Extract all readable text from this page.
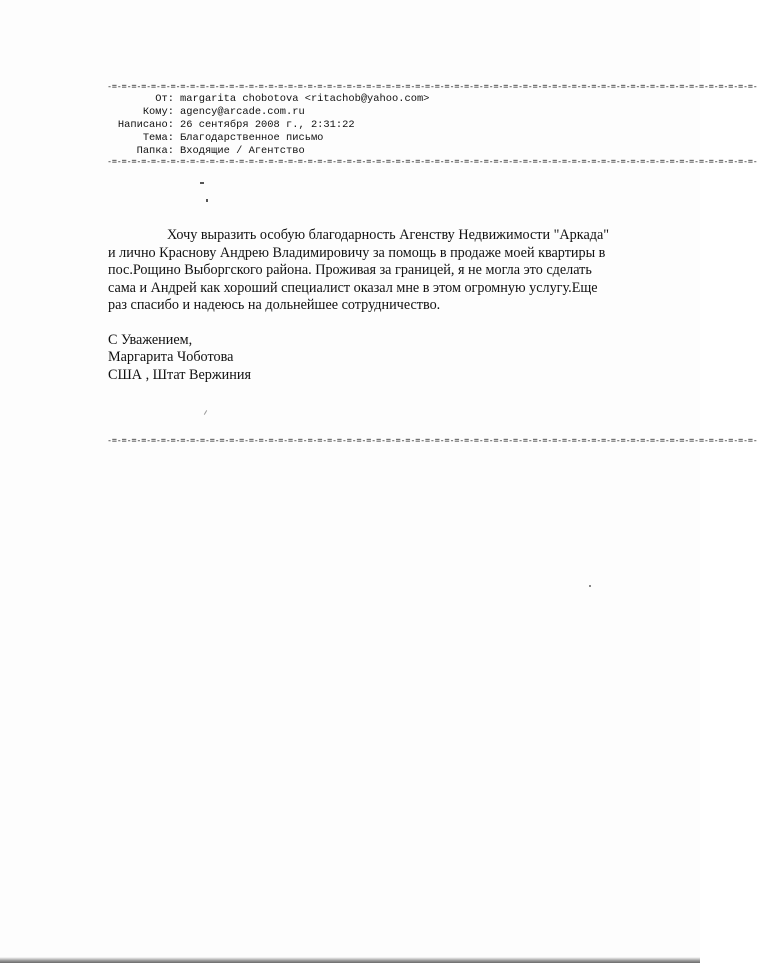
-=-=-=-=-=-=-=-=-=-=-=-=-=-=-=-=-=-=-=-=-=-=-=-=-=-=-=-=-=-=-=-=-=-=-=-=-=-=-=-=-=-=-=-=-=-=-=-=-=-=-=-=-=-=-=-=-=-=-=-=-=-=-=-=-=-=-
От: margarita chobotova <ritachob@yahoo.com>
Кому: agency@arcade.com.ru
Написано: 26 сентября 2008 г., 2:31:22
Тема: Благодарственное письмо
Папка: Входящие / Агентство
-=-=-=-=-=-=-=-=-=-=-=-=-=-=-=-=-=-=-=-=-=-=-=-=-=-=-=-=-=-=-=-=-=-=-=-=-=-=-=-=-=-=-=-=-=-=-=-=-=-=-=-=-=-=-=-=-=-=-=-=-=-=-=-=-=-=-

Хочу выразить особую благодарность Агенству Недвижимости "Аркада"
и лично Краснову Андрею Владимировичу за помощь в продаже моей квартиры в
пос.Рощино Выборгского района. Проживая за границей, я не могла это сделать
сама и Андрей как хороший специалист оказал мне в этом огромную услугу.Еще
раз спасибо и надеюсь на дольнейшее сотрудничество.

С Уважением,

Маргарита Чоботова

США , Штат Вержиния

-=-=-=-=-=-=-=-=-=-=-=-=-=-=-=-=-=-=-=-=-=-=-=-=-=-=-=-=-=-=-=-=-=-=-=-=-=-=-=-=-=-=-=-=-=-=-=-=-=-=-=-=-=-=-=-=-=-=-=-=-=-=-=-=-=-=-
